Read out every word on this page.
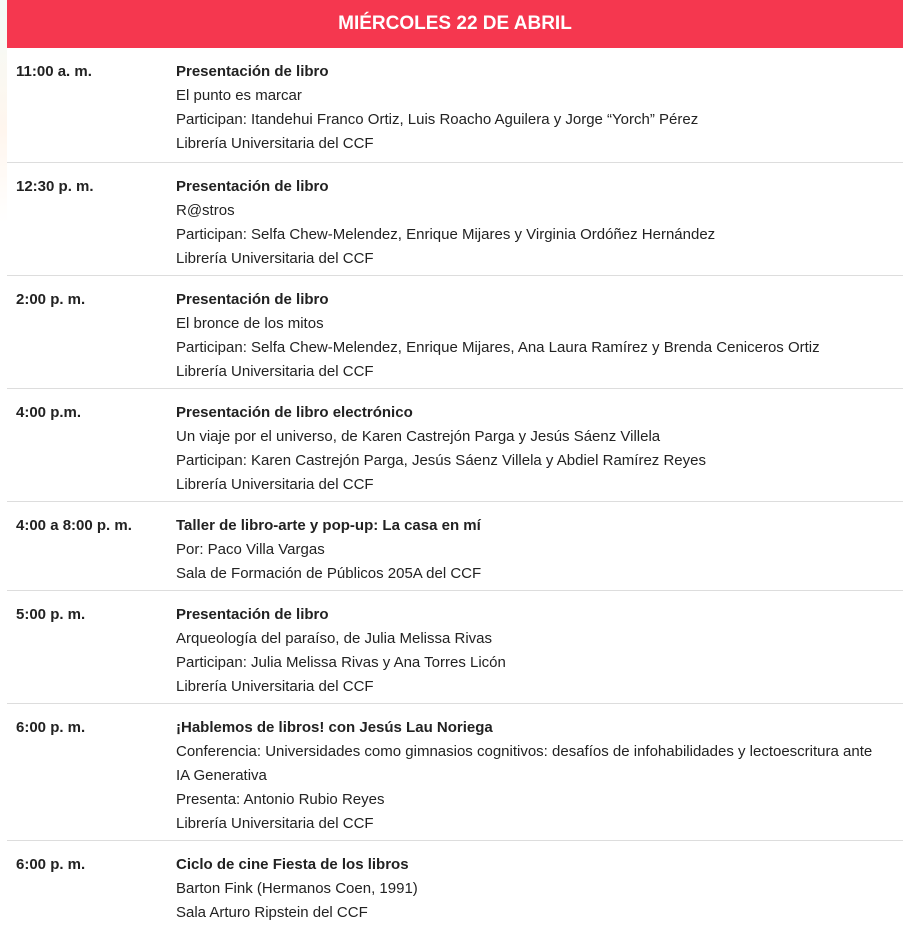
MIÉRCOLES 22 DE ABRIL
11:00 a. m.	Presentación de libro
El punto es marcar
Participan: Itandehui Franco Ortiz, Luis Roacho Aguilera y Jorge “Yorch” Pérez
Librería Universitaria del CCF
12:30 p. m.	Presentación de libro
R@stros
Participan: Selfa Chew-Melendez, Enrique Mijares y Virginia Ordóñez Hernández
Librería Universitaria del CCF
2:00 p. m.	Presentación de libro
El bronce de los mitos
Participan: Selfa Chew-Melendez, Enrique Mijares, Ana Laura Ramírez y Brenda Ceniceros Ortiz
Librería Universitaria del CCF
4:00 p.m.	Presentación de libro electrónico
Un viaje por el universo, de Karen Castrejón Parga y Jesús Sáenz Villela
Participan: Karen Castrejón Parga, Jesús Sáenz Villela y Abdiel Ramírez Reyes
Librería Universitaria del CCF
4:00 a 8:00 p. m.	Taller de libro-arte y pop-up: La casa en mí
Por: Paco Villa Vargas
Sala de Formación de Públicos 205A del CCF
5:00 p. m.	Presentación de libro
Arqueología del paraíso, de Julia Melissa Rivas
Participan: Julia Melissa Rivas y Ana Torres Licón
Librería Universitaria del CCF
6:00 p. m.	¡Hablemos de libros! con Jesús Lau Noriega
Conferencia: Universidades como gimnasios cognitivos: desafíos de infohabilidades y lectoescritura ante IA Generativa
Presenta: Antonio Rubio Reyes
Librería Universitaria del CCF
6:00 p. m.	Ciclo de cine Fiesta de los libros
Barton Fink (Hermanos Coen, 1991)
Sala Arturo Ripstein del CCF
